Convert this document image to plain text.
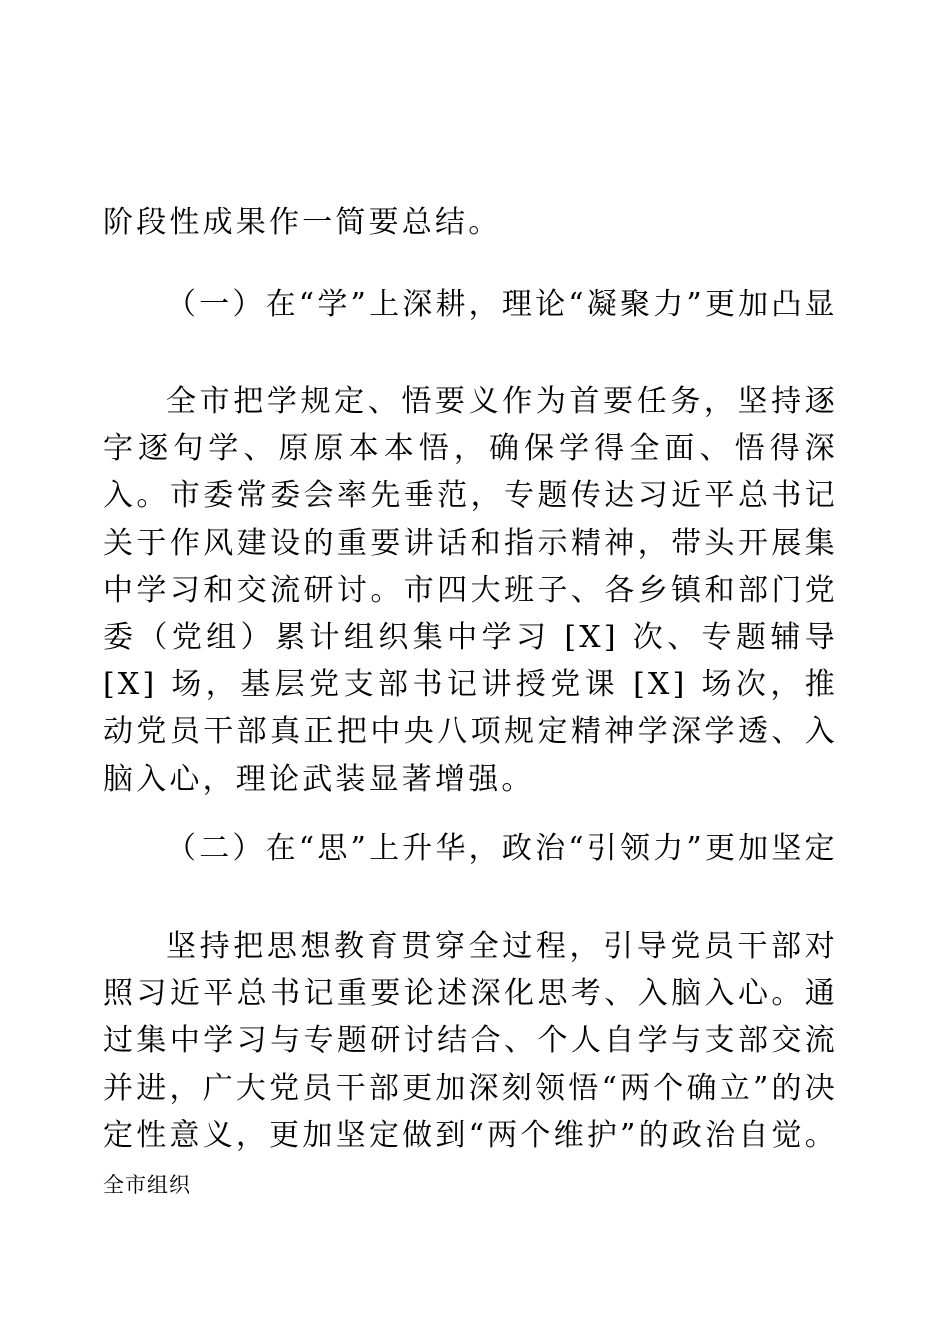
阶段性成果作一简要总结。

（一）在“学”上深耕，理论“凝聚力”更加凸显

全市把学规定、悟要义作为首要任务，坚持逐字逐句学、原原本本悟，确保学得全面、悟得深入。市委常委会率先垂范，专题传达习近平总书记关于作风建设的重要讲话和指示精神，带头开展集中学习和交流研讨。市四大班子、各乡镇和部门党委（党组）累计组织集中学习 [X] 次、专题辅导 [X] 场，基层党支部书记讲授党课 [X] 场次，推动党员干部真正把中央八项规定精神学深学透、入脑入心，理论武装显著增强。

（二）在“思”上升华，政治“引领力”更加坚定

坚持把思想教育贯穿全过程，引导党员干部对照习近平总书记重要论述深化思考、入脑入心。通过集中学习与专题研讨结合、个人自学与支部交流并进，广大党员干部更加深刻领悟“两个确立”的决定性意义，更加坚定做到“两个维护”的政治自觉。全市组织
